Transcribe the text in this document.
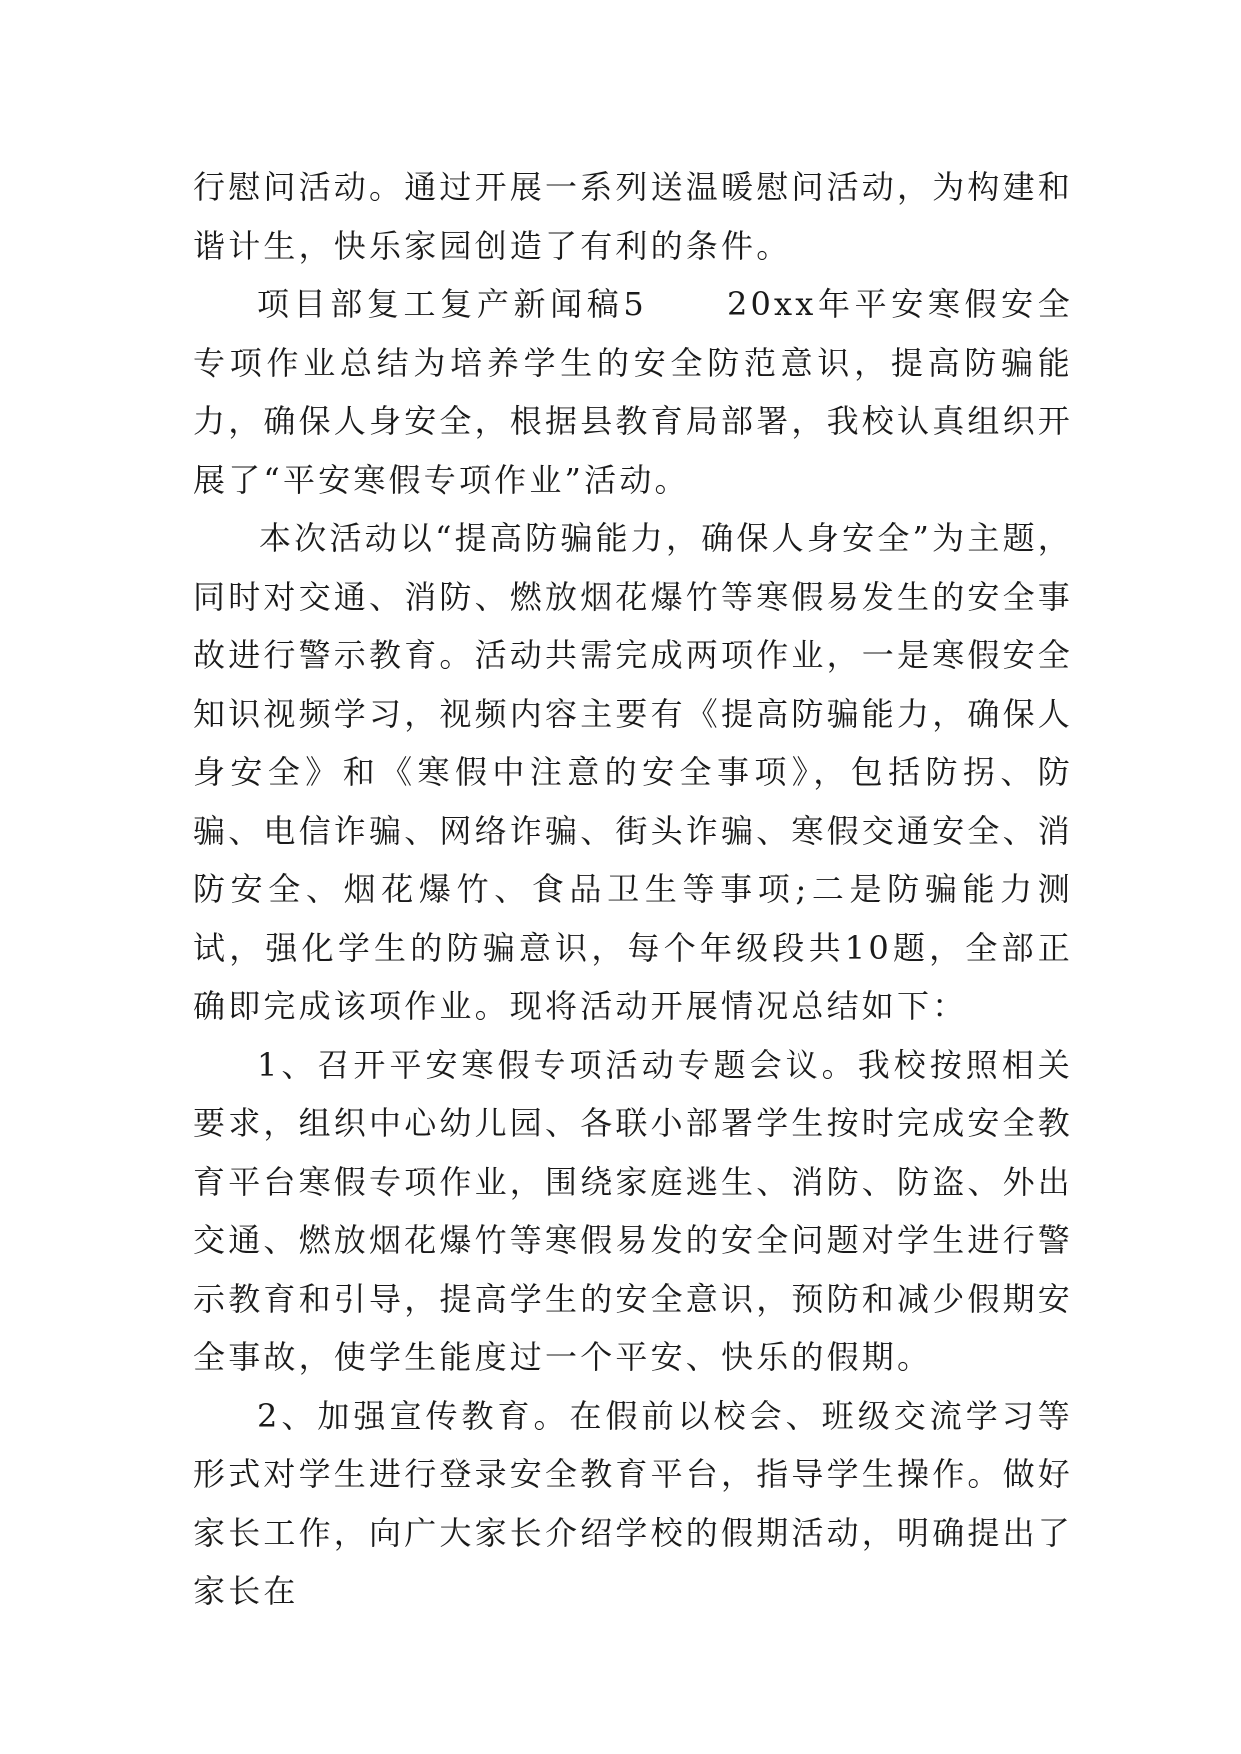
行慰问活动。通过开展一系列送温暖慰问活动，为构建和谐计生，快乐家园创造了有利的条件。

项目部复工复产新闻稿5	20xx年平安寒假安全专项作业总结为培养学生的安全防范意识，提高防骗能力，确保人身安全，根据县教育局部署，我校认真组织开展了“平安寒假专项作业”活动。

本次活动以“提高防骗能力，确保人身安全”为主题，同时对交通、消防、燃放烟花爆竹等寒假易发生的安全事故进行警示教育。活动共需完成两项作业，一是寒假安全知识视频学习，视频内容主要有《提高防骗能力，确保人身安全》和《寒假中注意的安全事项》，包括防拐、防骗、电信诈骗、网络诈骗、街头诈骗、寒假交通安全、消防安全、烟花爆竹、食品卫生等事项;二是防骗能力测试，强化学生的防骗意识，每个年级段共10题，全部正确即完成该项作业。现将活动开展情况总结如下：

1、召开平安寒假专项活动专题会议。我校按照相关要求，组织中心幼儿园、各联小部署学生按时完成安全教育平台寒假专项作业，围绕家庭逃生、消防、防盗、外出交通、燃放烟花爆竹等寒假易发的安全问题对学生进行警示教育和引导，提高学生的安全意识，预防和减少假期安全事故，使学生能度过一个平安、快乐的假期。

2、加强宣传教育。在假前以校会、班级交流学习等形式对学生进行登录安全教育平台，指导学生操作。做好家长工作，向广大家长介绍学校的假期活动，明确提出了家长在
